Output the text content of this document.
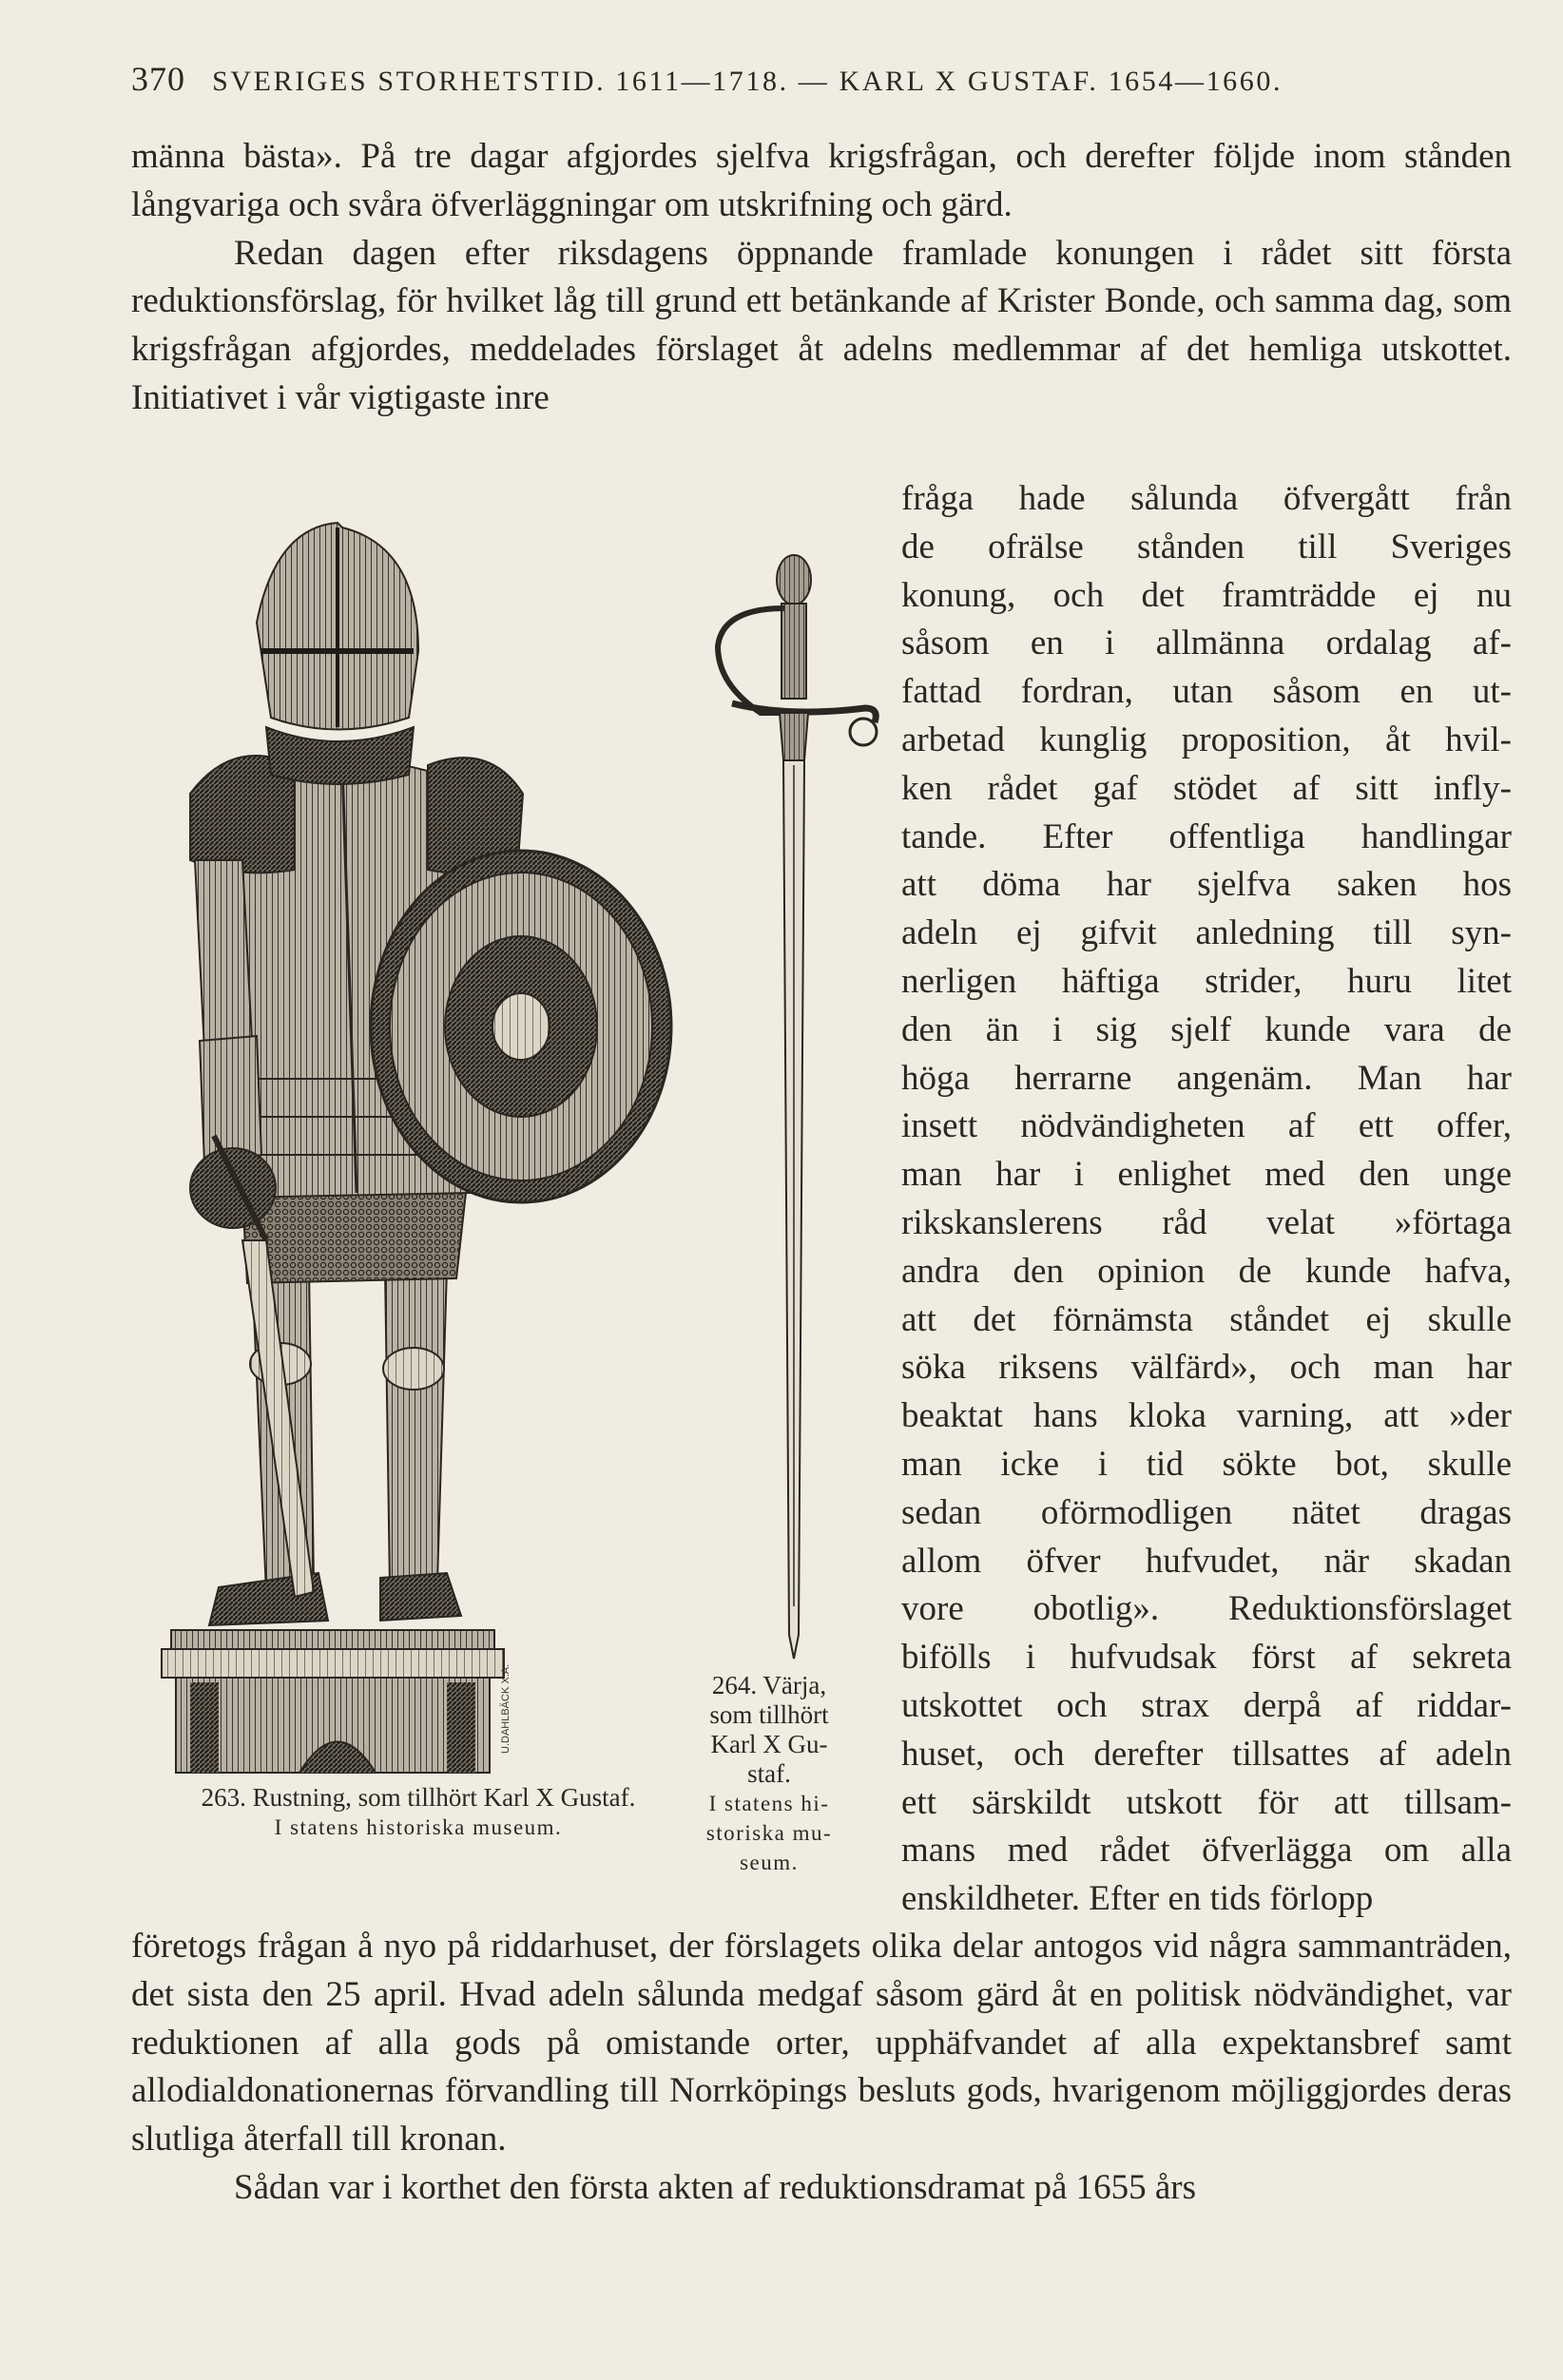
370 SVERIGES STORHETSTID. 1611—1718. — KARL X GUSTAF. 1654—1660.

männa bästa». På tre dagar afgjordes sjelfva krigsfrågan, och derefter följde inom stånden långvariga och svåra öfverläggningar om utskrifning och gärd.

Redan dagen efter riksdagens öppnande framlade konungen i rådet sitt första reduktionsförslag, för hvilket låg till grund ett betänkande af Krister Bonde, och samma dag, som krigsfrågan afgjordes, meddelades förslaget åt adelns medlemmar af det hemliga utskottet. Initiativet i vår vigtigaste inre

fråga hade sålunda öfvergått från
de ofrälse stånden till Sveriges
konung, och det framträdde ej nu
såsom en i allmänna ordalag af-
fattad fordran, utan såsom en ut-
arbetad kunglig proposition, åt hvil-
ken rådet gaf stödet af sitt infly-
tande. Efter offentliga handlingar
att döma har sjelfva saken hos
adeln ej gifvit anledning till syn-
nerligen häftiga strider, huru litet
den än i sig sjelf kunde vara de
höga herrarne angenäm. Man har
insett nödvändigheten af ett offer,
man har i enlighet med den unge
rikskanslerens råd velat »förtaga
andra den opinion de kunde hafva,
att det förnämsta ståndet ej skulle
söka riksens välfärd», och man har
beaktat hans kloka varning, att »der
man icke i tid sökte bot, skulle
sedan oförmodligen nätet dragas
allom öfver hufvudet, när skadan
vore obotlig». Reduktionsförslaget
bifölls i hufvudsak först af sekreta
utskottet och strax derpå af riddar-
huset, och derefter tillsattes af adeln
ett särskildt utskott för att tillsam-
mans med rådet öfverlägga om alla
enskildheter. Efter en tids förlopp
U.DAHLBÄCK X.A.
263. Rustning, som tillhört Karl X Gustaf.
I statens historiska museum.
264. Värja,
som tillhört
Karl X Gu-
staf.
I statens hi-
storiska mu-
seum.

företogs frågan å nyo på riddarhuset, der förslagets olika delar antogos vid några sammanträden, det sista den 25 april. Hvad adeln sålunda medgaf såsom gärd åt en politisk nödvändighet, var reduktionen af alla gods på omistande orter, upphäfvandet af alla expektansbref samt allodialdonationernas förvandling till Norrköpings besluts gods, hvarigenom möjliggjordes deras slutliga återfall till kronan.

Sådan var i korthet den första akten af reduktionsdramat på 1655 års
